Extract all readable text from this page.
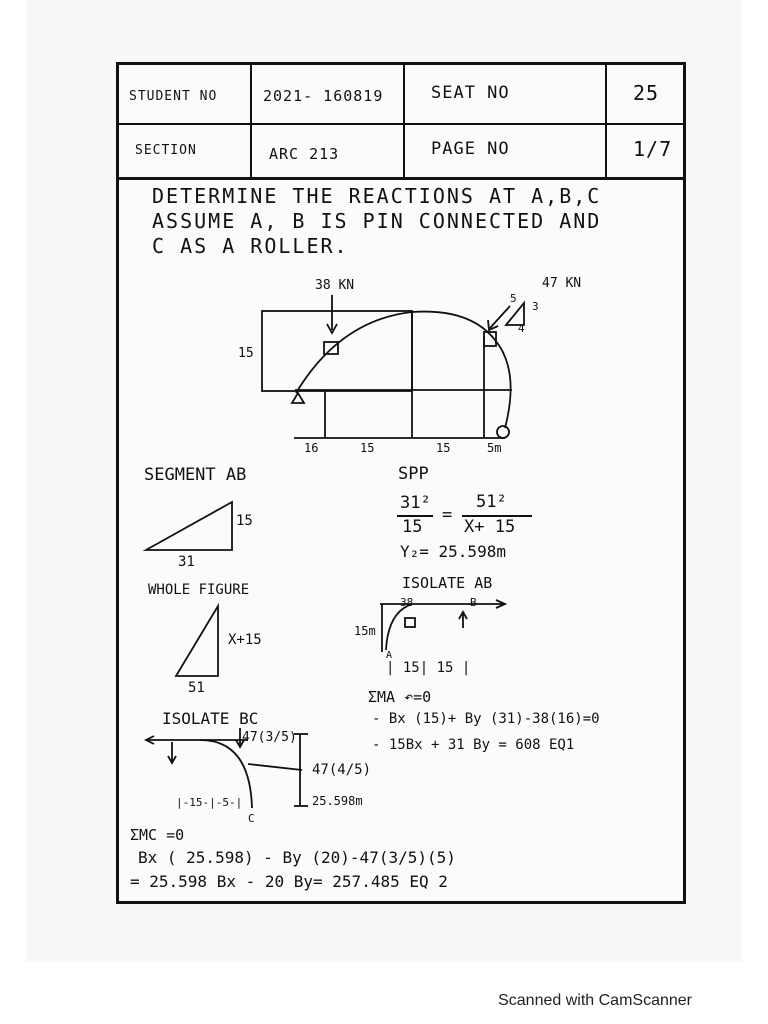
STUDENT NO	2021- 160819	SEAT NO	25
SECTION	ARC 213	PAGE NO	1/7
DETERMINE THE REACTIONS AT A,B,C
ASSUME A, B IS PIN CONNECTED AND
C AS A ROLLER.
38 KN	47 KN
5
3
4
15
16	15	15	5m
SEGMENT AB
15
31
SPP
31²
15
=
51²
X+ 15
Y₂= 25.598m
WHOLE FIGURE
X+15
51
ISOLATE AB
38	B
15m
A
| 15| 15 |
ISOLATE BC
47(3/5)
47(4/5)
|-15-|-5-|	25.598m
C
ΣMA ↶=0
- Bx (15)+ By (31)-38(16)=0
- 15Bx + 31 By = 608 EQ1
ΣMC =0
Bx ( 25.598) - By (20)-47(3/5)(5)
= 25.598 Bx - 20 By= 257.485 EQ 2
Scanned with CamScanner
